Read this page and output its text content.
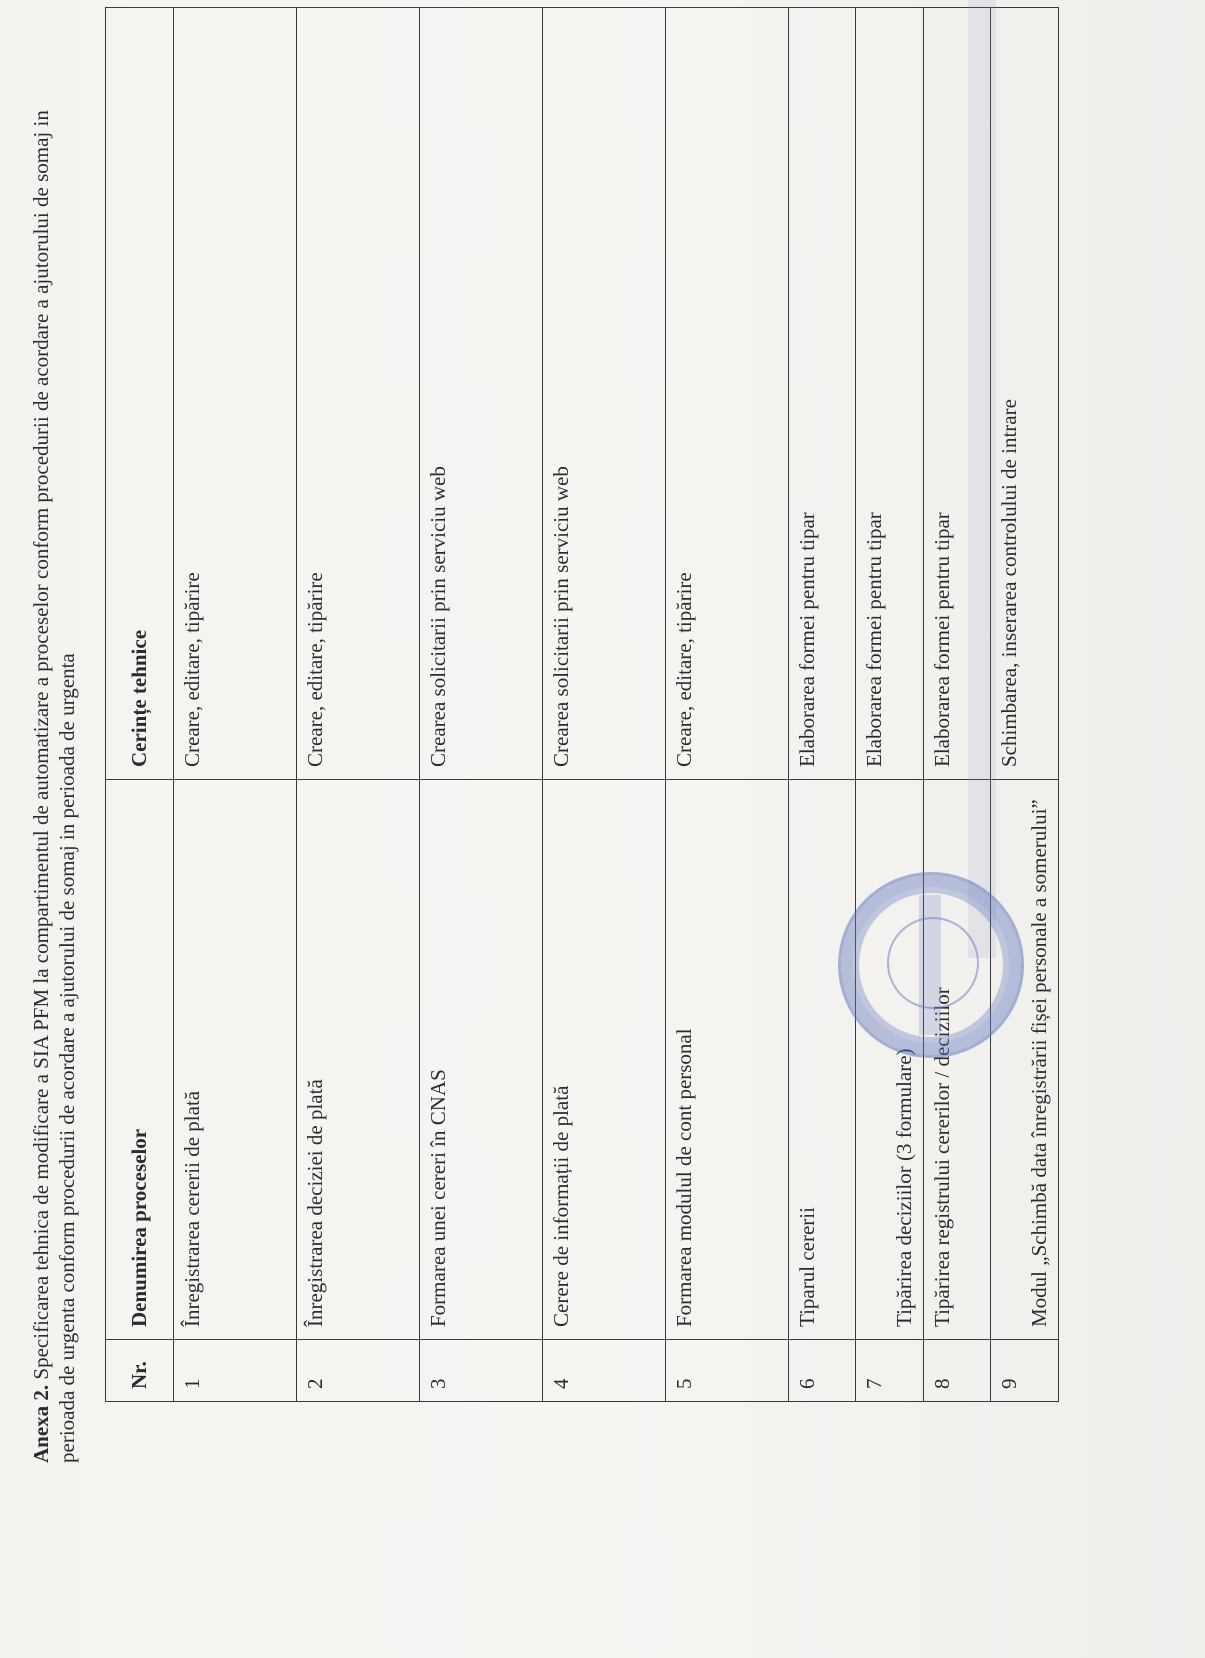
Anexa 2. Specificarea tehnica de modificare a SIA PFM la compartimentul de automatizare a proceselor conform procedurii de acordare a ajutorului de somaj in perioada de urgenta conform procedurii de acordare a ajutorului de somaj in perioada de urgenta Nr.	Denumirea proceselor	Cerințe tehnice
1	Înregistrarea cererii de plată	Creare, editare, tipărire
2	Înregistrarea deciziei de plată	Creare, editare, tipărire
3	Formarea unei cereri în CNAS	Crearea solicitarii prin serviciu web
4	Cerere de informații de plată	Crearea solicitarii prin serviciu web
5	Formarea modulul de cont personal	Creare, editare, tipărire
6	Tiparul cererii	Elaborarea formei pentru tipar
7	Tipărirea deciziilor (3 formulare)	Elaborarea formei pentru tipar
8	Tipărirea registrului cererilor / deciziilor	Elaborarea formei pentru tipar
9	Modul „Schimbă data înregistrării fișei personale a somerului”	Schimbarea, inserarea controlului de intrare
